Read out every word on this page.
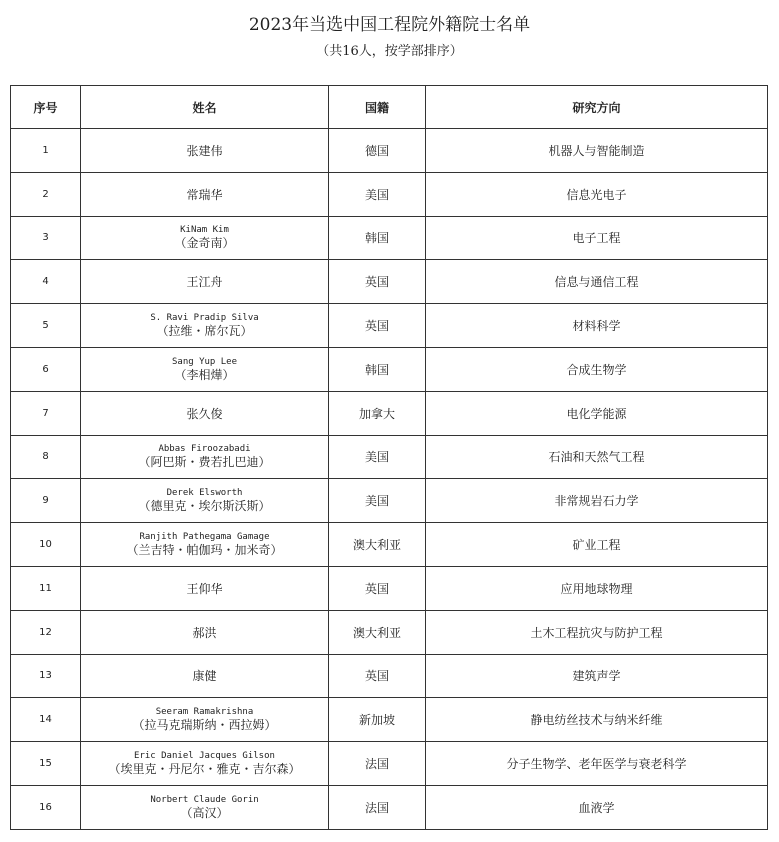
2023年当选中国工程院外籍院士名单
（共16人，按学部排序）
序号	姓名	国籍	研究方向
1	张建伟	德国	机器人与智能制造
2	常瑞华	美国	信息光电子
3	KiNam Kim
（金奇南）	韩国	电子工程
4	王江舟	英国	信息与通信工程
5	S. Ravi Pradip Silva
（拉维・席尔瓦）	英国	材料科学
6	Sang Yup Lee
（李相燁）	韩国	合成生物学
7	张久俊	加拿大	电化学能源
8	Abbas Firoozabadi
（阿巴斯・费若扎巴迪）	美国	石油和天然气工程
9	Derek Elsworth
（德里克・埃尔斯沃斯）	美国	非常规岩石力学
10	Ranjith Pathegama Gamage
（兰吉特・帕伽玛・加米奇）	澳大利亚	矿业工程
11	王仰华	英国	应用地球物理
12	郝洪	澳大利亚	土木工程抗灾与防护工程
13	康健	英国	建筑声学
14	Seeram Ramakrishna
（拉马克瑞斯纳・西拉姆）	新加坡	静电纺丝技术与纳米纤维
15	Eric Daniel Jacques Gilson
（埃里克・丹尼尔・雅克・吉尔森）	法国	分子生物学、老年医学与衰老科学
16	Norbert Claude Gorin
（高汉）	法国	血液学
